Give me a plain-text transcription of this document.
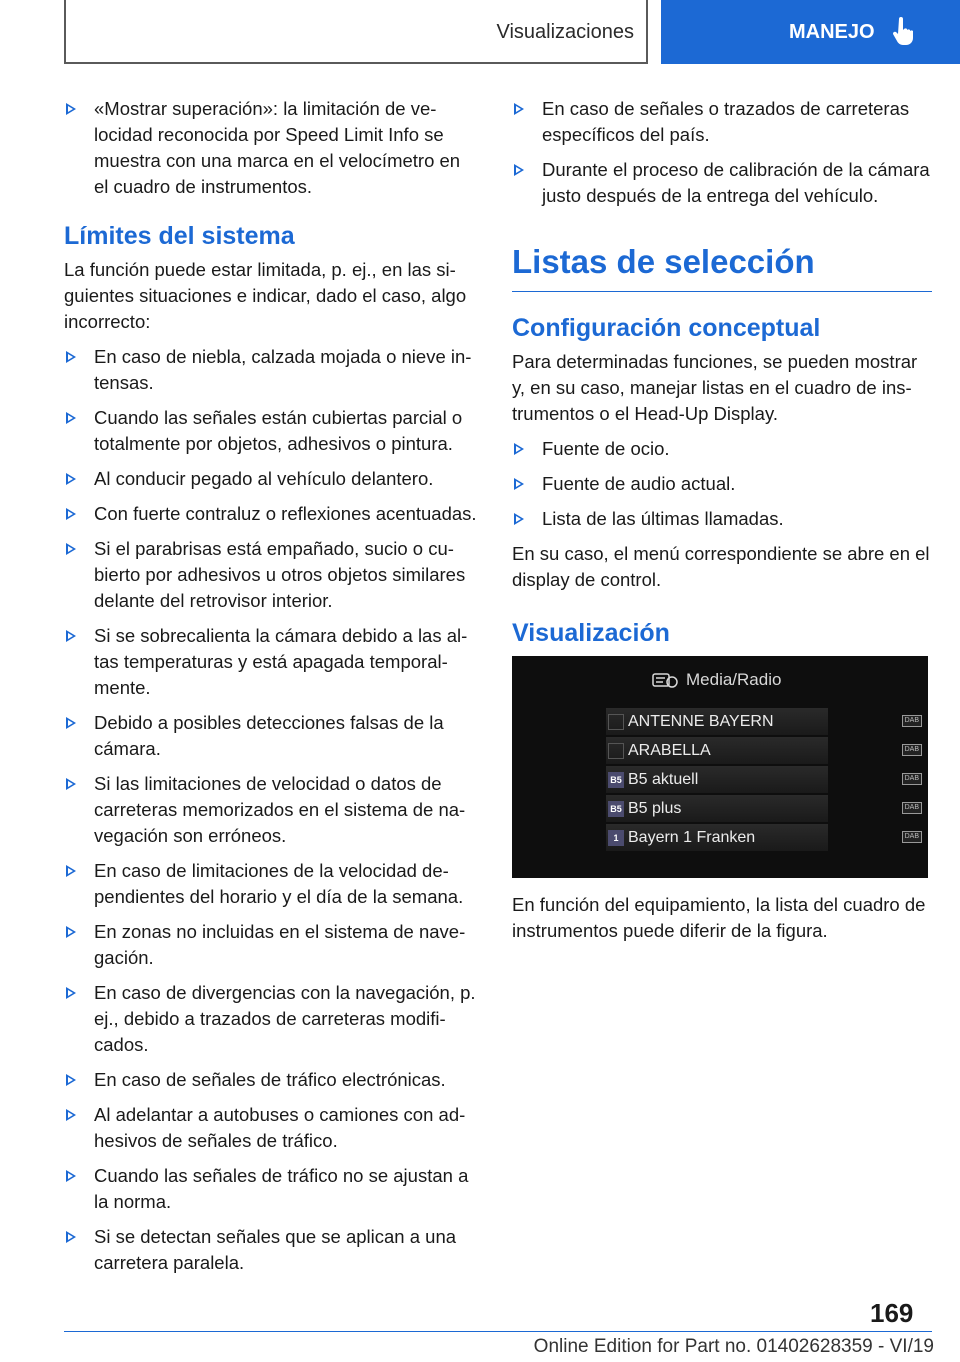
Visualizaciones	MANEJO
«Mostrar superación»: la limitación de velocidad reconocida por Speed Limit Info se muestra con una marca en el velocímetro en el cuadro de instrumentos.
Límites del sistema
La función puede estar limitada, p. ej., en las siguientes situaciones e indicar, dado el caso, algo incorrecto:
En caso de niebla, calzada mojada o nieve intensas.
Cuando las señales están cubiertas parcial o totalmente por objetos, adhesivos o pintura.
Al conducir pegado al vehículo delantero.
Con fuerte contraluz o reflexiones acentuadas.
Si el parabrisas está empañado, sucio o cubierto por adhesivos u otros objetos similares delante del retrovisor interior.
Si se sobrecalienta la cámara debido a las altas temperaturas y está apagada temporalmente.
Debido a posibles detecciones falsas de la cámara.
Si las limitaciones de velocidad o datos de carreteras memorizados en el sistema de navegación son erróneos.
En caso de limitaciones de la velocidad dependientes del horario y el día de la semana.
En zonas no incluidas en el sistema de navegación.
En caso de divergencias con la navegación, p. ej., debido a trazados de carreteras modificados.
En caso de señales de tráfico electrónicas.
Al adelantar a autobuses o camiones con adhesivos de señales de tráfico.
Cuando las señales de tráfico no se ajustan a la norma.
Si se detectan señales que se aplican a una carretera paralela.
En caso de señales o trazados de carreteras específicos del país.
Durante el proceso de calibración de la cámara justo después de la entrega del vehículo.
Listas de selección
Configuración conceptual
Para determinadas funciones, se pueden mostrar y, en su caso, manejar listas en el cuadro de instrumentos o el Head-Up Display.
Fuente de ocio.
Fuente de audio actual.
Lista de las últimas llamadas.
En su caso, el menú correspondiente se abre en el display de control.
Visualización
Media/Radio
ANTENNE BAYERN	DAB
ARABELLA	DAB
B5 B5 aktuell	DAB
B5 B5 plus	DAB
1 Bayern 1 Franken	DAB
En función del equipamiento, la lista del cuadro de instrumentos puede diferir de la figura.
169
Online Edition for Part no. 01402628359 - VI/19
